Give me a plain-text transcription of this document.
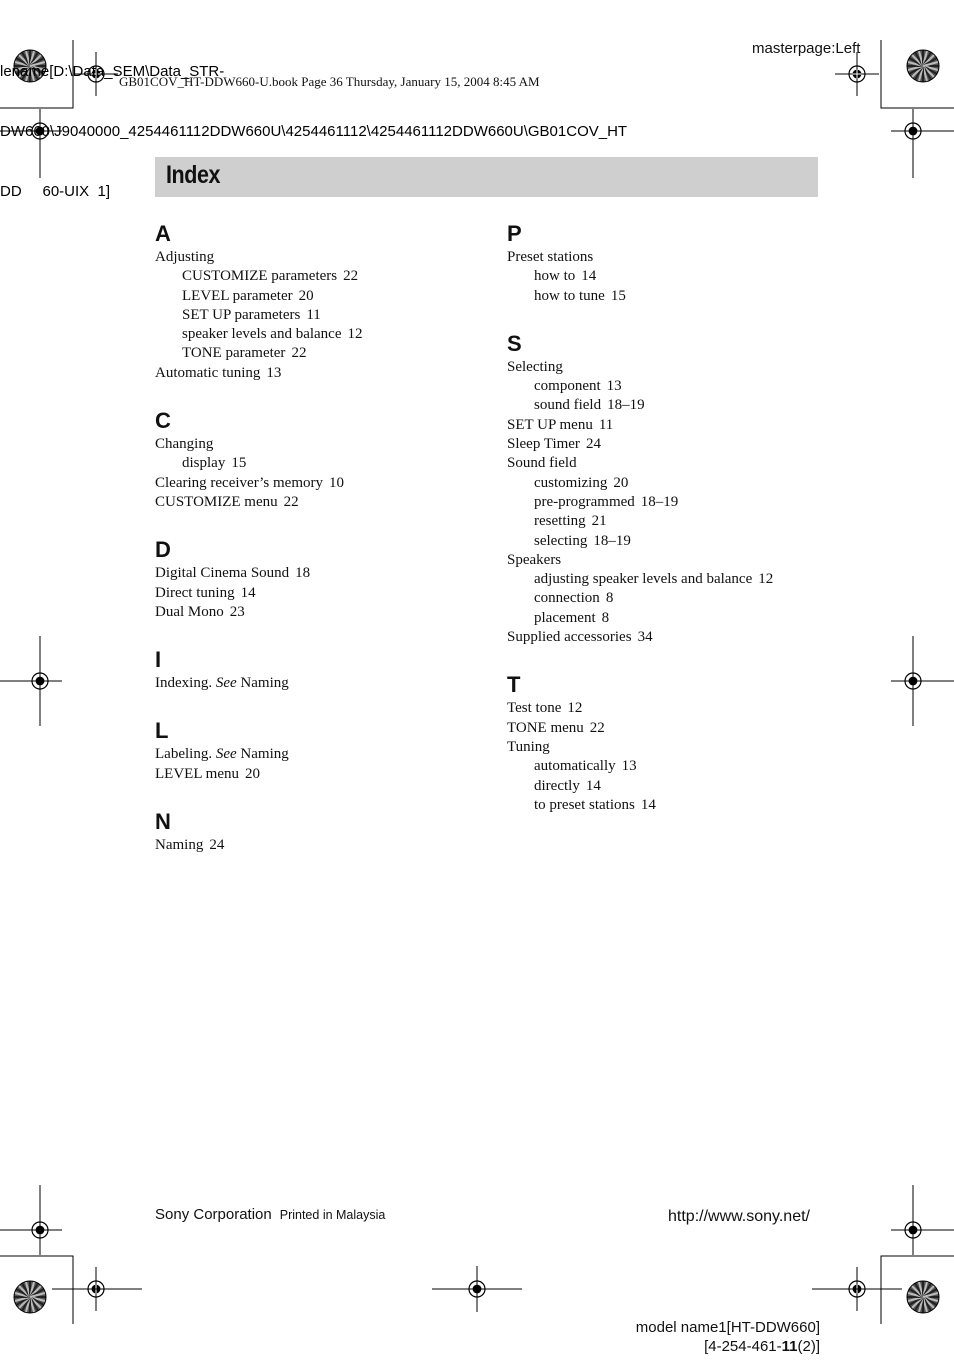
lename[D:\Data_SEM\Data_STR-

DW660\J9040000_4254461112DDW660U\4254461112\4254461112DDW660U\GB01COV_HT

DD     60-UIX  1]

masterpage:Left
GB01COV_HT-DDW660-U.book Page 36 Thursday, January 15, 2004 8:45 AM
Index
A
Adjusting
CUSTOMIZE parameters 22
LEVEL parameter 20
SET UP parameters 11
speaker levels and balance 12
TONE parameter 22
Automatic tuning 13
C
Changing
display 15
Clearing receiver’s memory 10
CUSTOMIZE menu 22
D
Digital Cinema Sound 18
Direct tuning 14
Dual Mono 23
I
Indexing. See Naming
L
Labeling. See Naming
LEVEL menu 20
N
Naming 24
P
Preset stations
how to 14
how to tune 15
S
Selecting
component 13
sound field 18–19
SET UP menu 11
Sleep Timer 24
Sound field
customizing 20
pre-programmed 18–19
resetting 21
selecting 18–19
Speakers
adjusting speaker levels and balance 12
connection 8
placement 8
Supplied accessories 34
T
Test tone 12
TONE menu 22
Tuning
automatically 13
directly 14
to preset stations 14
Sony Corporation Printed in Malaysia	http://www.sony.net/
model name1[HT-DDW660]
[4-254-461-11(2)]
